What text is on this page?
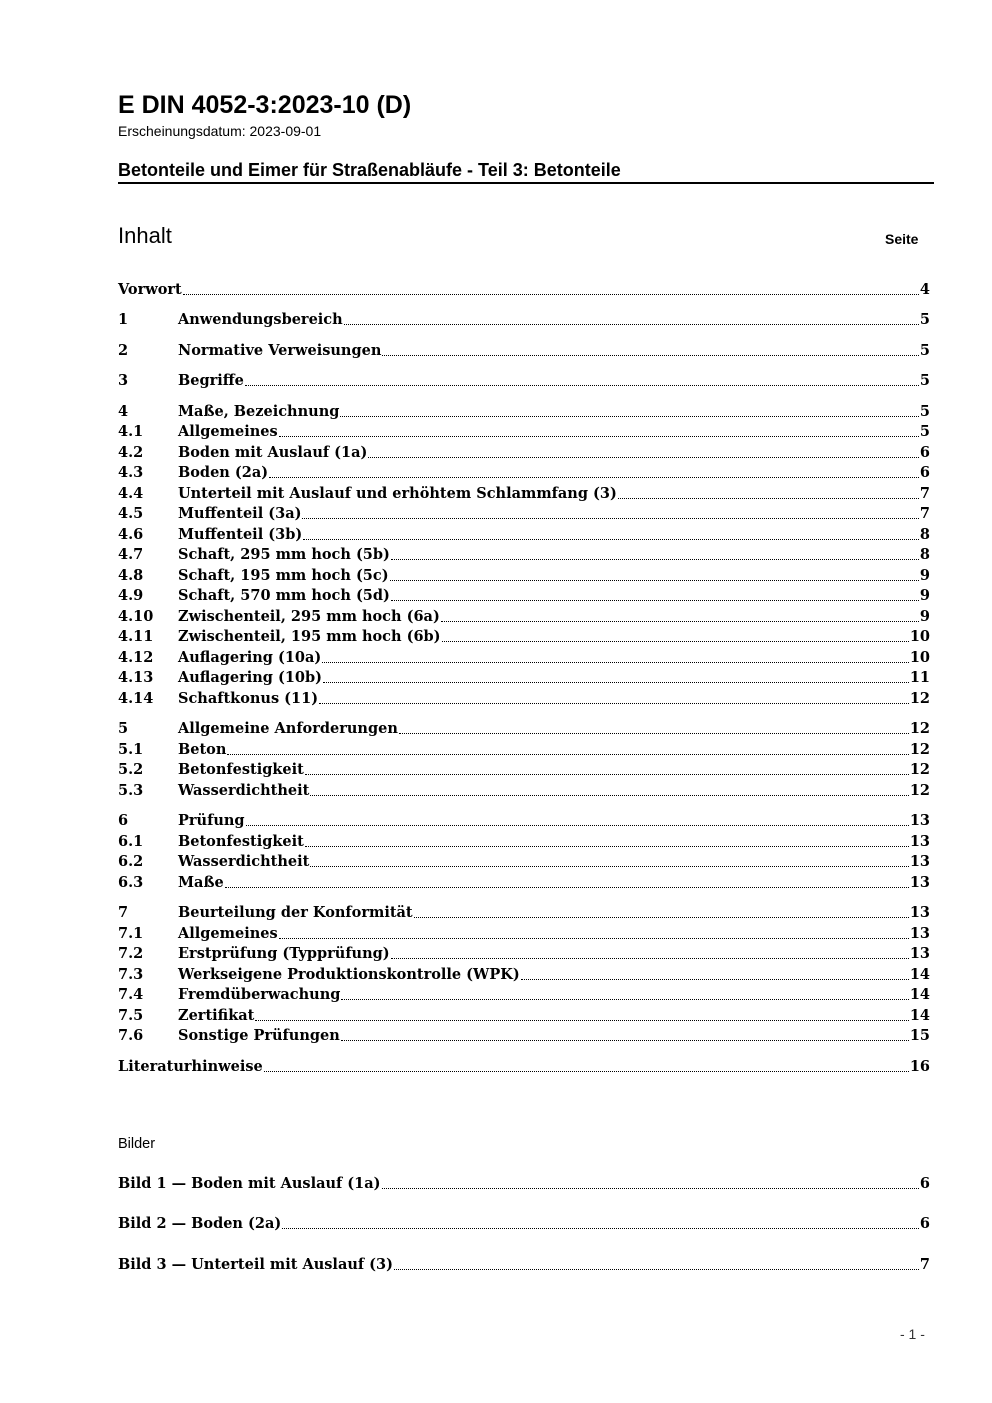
E DIN 4052-3:2023-10 (D)
Erscheinungsdatum: 2023-09-01
Betonteile und Eimer für Straßenabläufe - Teil 3: Betonteile
Inhalt	Seite
Vorwort	4
1	Anwendungsbereich	5
2	Normative Verweisungen	5
3	Begriffe	5
4	Maße, Bezeichnung	5
4.1	Allgemeines	5
4.2	Boden mit Auslauf (1a)	6
4.3	Boden (2a)	6
4.4	Unterteil mit Auslauf und erhöhtem Schlammfang (3)	7
4.5	Muffenteil (3a)	7
4.6	Muffenteil (3b)	8
4.7	Schaft, 295 mm hoch (5b)	8
4.8	Schaft, 195 mm hoch (5c)	9
4.9	Schaft, 570 mm hoch (5d)	9
4.10	Zwischenteil, 295 mm hoch (6a)	9
4.11	Zwischenteil, 195 mm hoch (6b)	10
4.12	Auflagering (10a)	10
4.13	Auflagering (10b)	11
4.14	Schaftkonus (11)	12
5	Allgemeine Anforderungen	12
5.1	Beton	12
5.2	Betonfestigkeit	12
5.3	Wasserdichtheit	12
6	Prüfung	13
6.1	Betonfestigkeit	13
6.2	Wasserdichtheit	13
6.3	Maße	13
7	Beurteilung der Konformität	13
7.1	Allgemeines	13
7.2	Erstprüfung (Typprüfung)	13
7.3	Werkseigene Produktionskontrolle (WPK)	14
7.4	Fremdüberwachung	14
7.5	Zertifikat	14
7.6	Sonstige Prüfungen	15
Literaturhinweise	16
Bilder
Bild 1 — Boden mit Auslauf (1a)	6
Bild 2 — Boden (2a)	6
Bild 3 — Unterteil mit Auslauf (3)	7
- 1 -
